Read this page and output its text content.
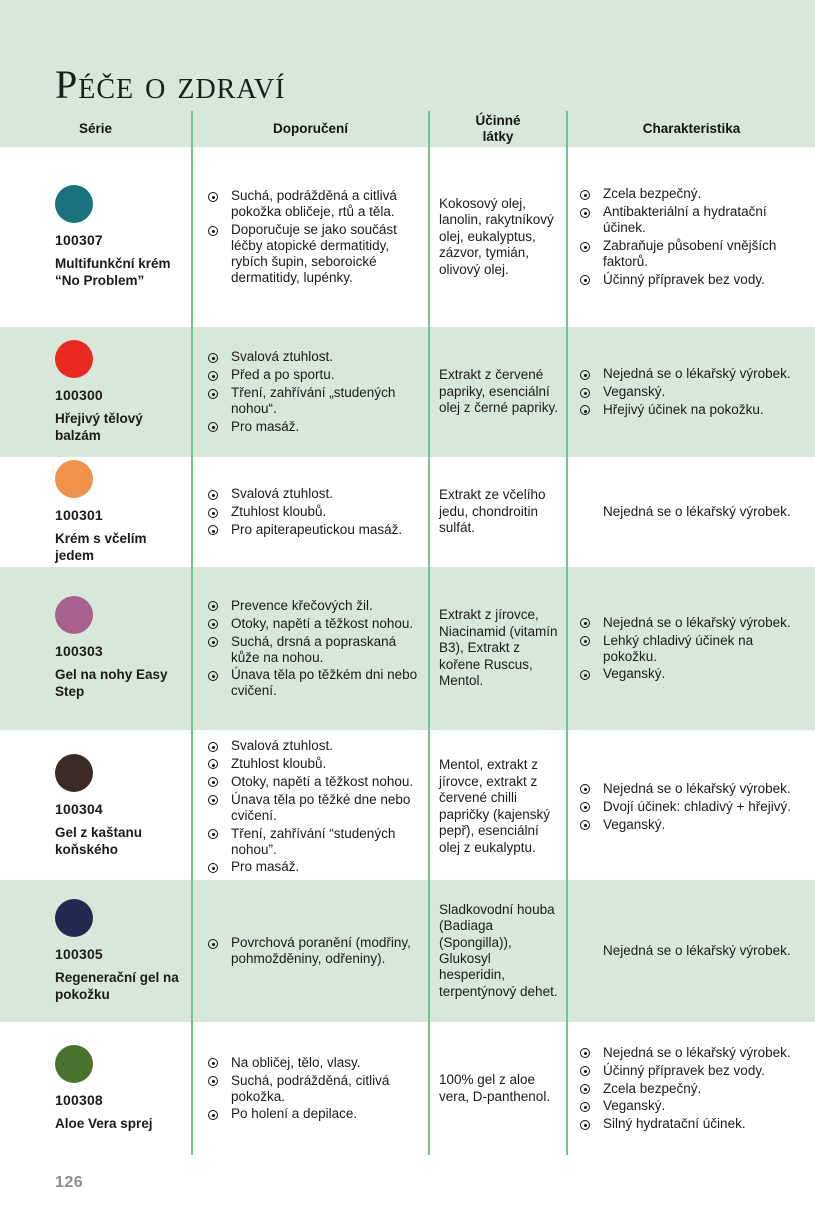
Péče o zdraví
Série	Doporučení
Účinné látky
Charakteristika
100307
Multifunkční krém “No Problem”
Suchá, podrážděná a citlivá pokožka obličeje, rtů a těla.
Doporučuje se jako součást léčby atopické dermatitidy, rybích šupin, seboroické dermatitidy, lupénky.

Kokosový olej, lanolin, rakytníkový olej, eukalyptus, zázvor, tymián, olivový olej.

Zcela bezpečný.
Antibakteriální a hydratační účinek.
Zabraňuje působení vnějších faktorů.
Účinný přípravek bez vody.
100300
Hřejivý tělový balzám
Svalová ztuhlost.
Před a po sportu.
Tření, zahřívání „studených nohou“.
Pro masáž.

Extrakt z červené papriky, esenciální olej z černé papriky.

Nejedná se o lékařský výrobek.
Veganský.
Hřejivý účinek na pokožku.
100301
Krém s včelím jedem
Svalová ztuhlost.
Ztuhlost kloubů.
Pro apiterapeutickou masáž.

Extrakt ze včelího jedu, chondroitin sulfát.

Nejedná se o lékařský výrobek.

100303
Gel na nohy Easy Step
Prevence křečových žil.
Otoky, napětí a těžkost nohou.
Suchá, drsná a popraskaná kůže na nohou.
Únava těla po těžkém dni nebo cvičení.

Extrakt z jírovce, Niacinamid (vitamín B3), Extrakt z kořene Ruscus, Mentol.

Nejedná se o lékařský výrobek.
Lehký chladivý účinek na pokožku.
Veganský.
100304
Gel z kaštanu koňského
Svalová ztuhlost.
Ztuhlost kloubů.
Otoky, napětí a těžkost nohou.
Únava těla po těžké dne nebo cvičení.
Tření, zahřívání “studených nohou”.
Pro masáž.

Mentol, extrakt z jírovce, extrakt z červené chilli papričky (kajenský pepř), esenciální olej z eukalyptu.

Nejedná se o lékařský výrobek.
Dvojí účinek: chladivý + hřejivý.
Veganský.
100305
Regenerační gel na pokožku
Povrchová poranění (modřiny, pohmožděniny, odřeniny).

Sladkovodní houba (Badiaga (Spongilla)), Glukosyl hesperidin, terpentýnový dehet.

Nejedná se o lékařský výrobek.

100308
Aloe Vera sprej
Na obličej, tělo, vlasy.
Suchá, podrážděná, citlivá pokožka.
Po holení a depilace.

100% gel z aloe vera, D-panthenol.

Nejedná se o lékařský výrobek.
Účinný přípravek bez vody.
Zcela bezpečný.
Veganský.
Silný hydratační účinek.
126
